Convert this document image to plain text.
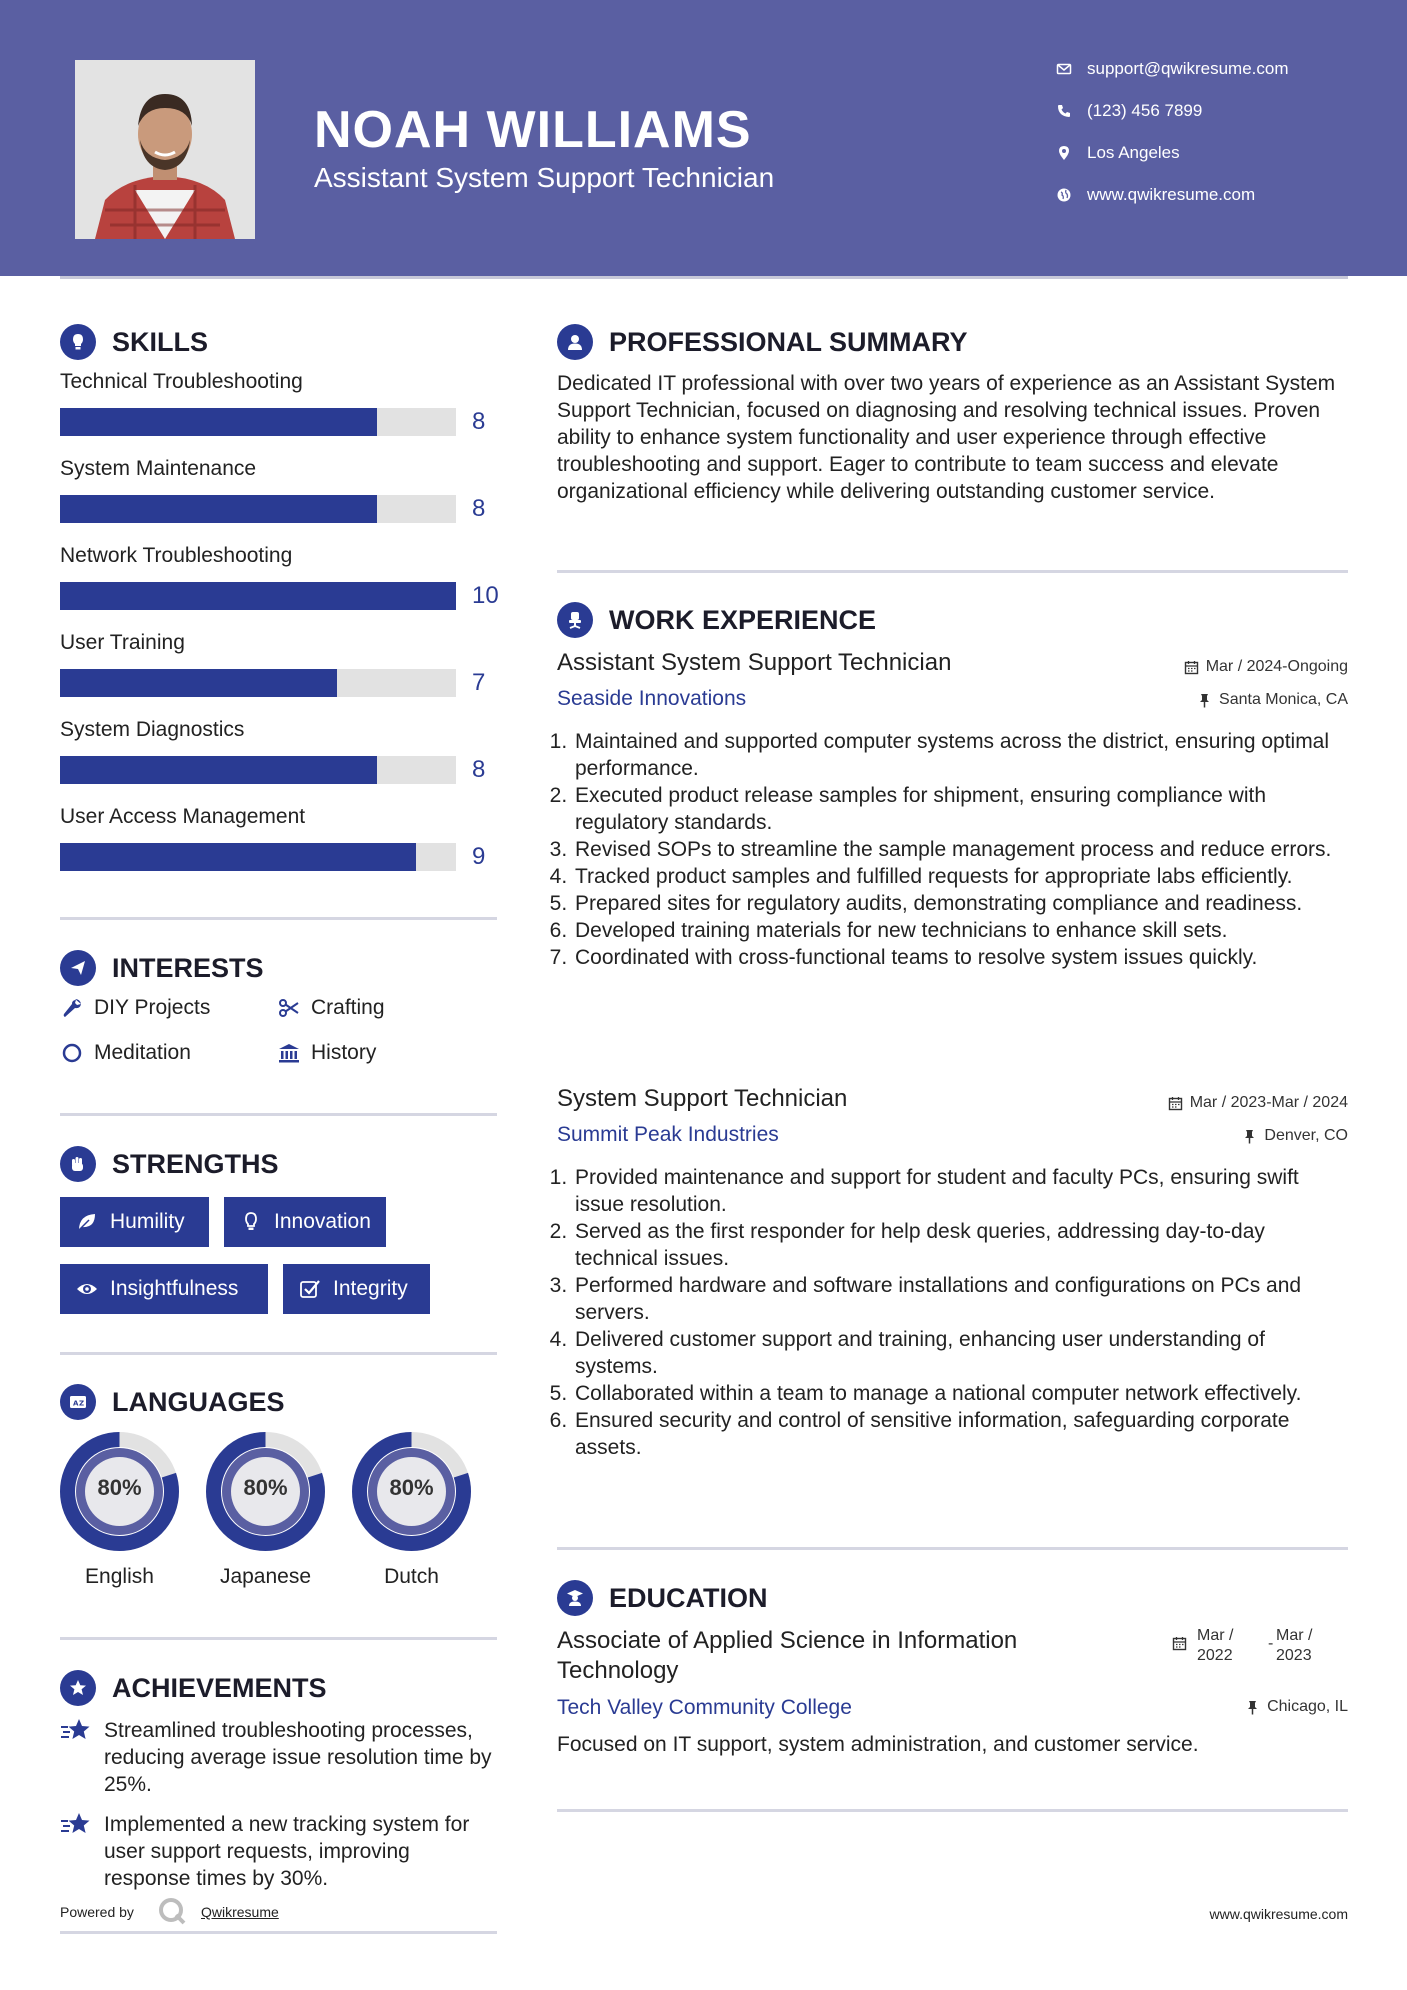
NOAH WILLIAMS
Assistant System Support Technician
support@qwikresume.com
(123) 456 7899
Los Angeles
www.qwikresume.com
SKILLS
Technical Troubleshooting
8
System Maintenance
8
Network Troubleshooting
10
User Training
7
System Diagnostics
8
User Access Management
9
INTERESTS
DIY Projects	Crafting
Meditation	History
STRENGTHS
Humility	Innovation
Insightfulness	Integrity
A Z LANGUAGES
80%
English
80%
Japanese
80%
Dutch
ACHIEVEMENTS
Streamlined troubleshooting processes, reducing average issue resolution time by 25%.
Implemented a new tracking system for user support requests, improving response times by 30%.
Powered by	Qwikresume
PROFESSIONAL SUMMARY
Dedicated IT professional with over two years of experience as an Assistant System Support Technician, focused on diagnosing and resolving technical issues. Proven ability to enhance system functionality and user experience through effective troubleshooting and support. Eager to contribute to team success and elevate organizational efficiency while delivering outstanding customer service.
WORK EXPERIENCE
Assistant System Support Technician	Mar / 2024-Ongoing
Seaside Innovations	Santa Monica, CA
1. Maintained and supported computer systems across the district, ensuring optimal performance.
2. Executed product release samples for shipment, ensuring compliance with regulatory standards.
3. Revised SOPs to streamline the sample management process and reduce errors.
4. Tracked product samples and fulfilled requests for appropriate labs efficiently.
5. Prepared sites for regulatory audits, demonstrating compliance and readiness.
6. Developed training materials for new technicians to enhance skill sets.
7. Coordinated with cross-functional teams to resolve system issues quickly.
System Support Technician	Mar / 2023-Mar / 2024
Summit Peak Industries	Denver, CO
1. Provided maintenance and support for student and faculty PCs, ensuring swift issue resolution.
2. Served as the first responder for help desk queries, addressing day-to-day technical issues.
3. Performed hardware and software installations and configurations on PCs and servers.
4. Delivered customer support and training, enhancing user understanding of systems.
5. Collaborated within a team to manage a national computer network effectively.
6. Ensured security and control of sensitive information, safeguarding corporate assets.
EDUCATION
Associate of Applied Science in Information Technology
Mar / 2022
- Mar / 2023
Tech Valley Community College	Chicago, IL
Focused on IT support, system administration, and customer service.
www.qwikresume.com
